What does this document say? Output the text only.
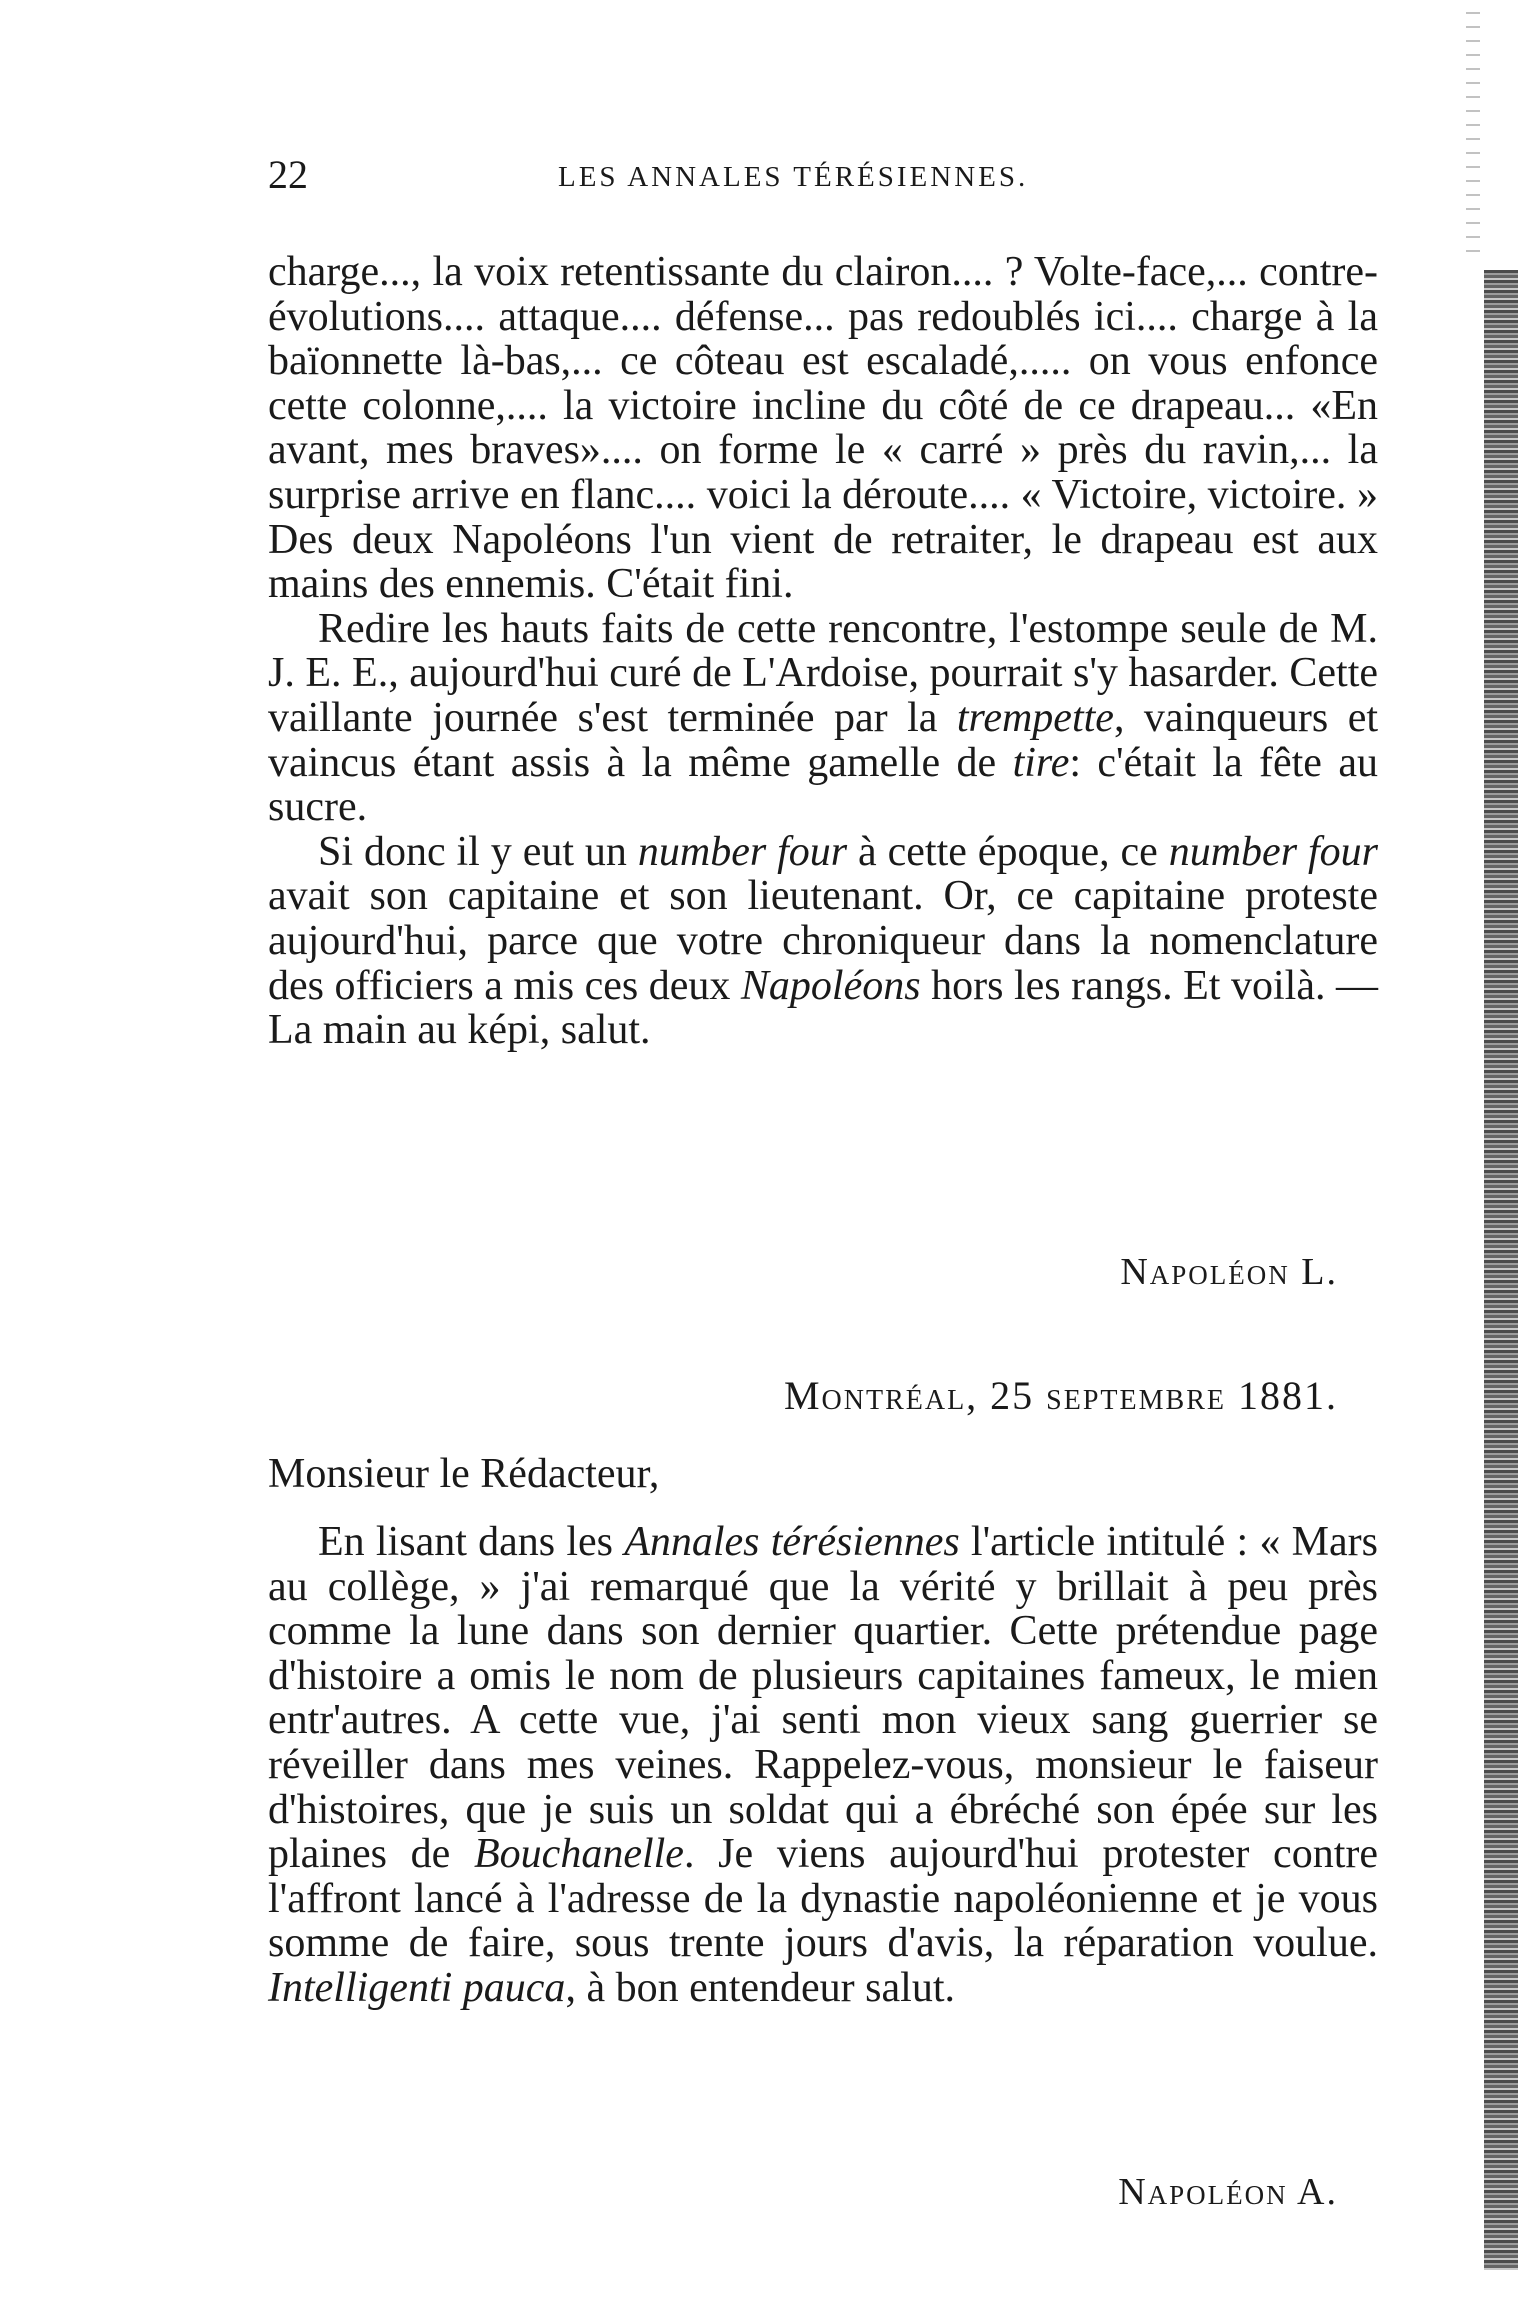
22	LES ANNALES TÉRÉSIENNES.

charge..., la voix retentissante du clairon.... ? Volte-face,... contre-évolutions.... attaque.... défense... pas redoublés ici.... charge à la baïonnette là-bas,... ce côteau est escaladé,..... on vous enfonce cette colonne,.... la victoire incline du côté de ce drapeau... «En avant, mes braves».... on forme le « carré » près du ravin,... la surprise arrive en flanc.... voici la déroute.... « Victoire, victoire. » Des deux Napoléons l'un vient de retraiter, le drapeau est aux mains des ennemis. C'était fini.

Redire les hauts faits de cette rencontre, l'estompe seule de M. J. E. E., aujourd'hui curé de L'Ardoise, pourrait s'y hasarder. Cette vaillante journée s'est terminée par la trempette, vainqueurs et vaincus étant assis à la même gamelle de tire: c'était la fête au sucre.

Si donc il y eut un number four à cette époque, ce number four avait son capitaine et son lieutenant. Or, ce capitaine proteste aujourd'hui, parce que votre chroniqueur dans la nomenclature des officiers a mis ces deux Napoléons hors les rangs. Et voilà. — La main au képi, salut.

Napoléon L.
Montréal, 25 septembre 1881.
Monsieur le Rédacteur,

En lisant dans les Annales térésiennes l'article intitulé : « Mars au collège, » j'ai remarqué que la vérité y brillait à peu près comme la lune dans son dernier quartier. Cette prétendue page d'histoire a omis le nom de plusieurs capitaines fameux, le mien entr'autres. A cette vue, j'ai senti mon vieux sang guerrier se réveiller dans mes veines. Rappelez-vous, monsieur le faiseur d'histoires, que je suis un soldat qui a ébréché son épée sur les plaines de Bouchanelle. Je viens aujourd'hui protester contre l'affront lancé à l'adresse de la dynastie napoléonienne et je vous somme de faire, sous trente jours d'avis, la réparation voulue. Intelligenti pauca, à bon entendeur salut.

Napoléon A.
